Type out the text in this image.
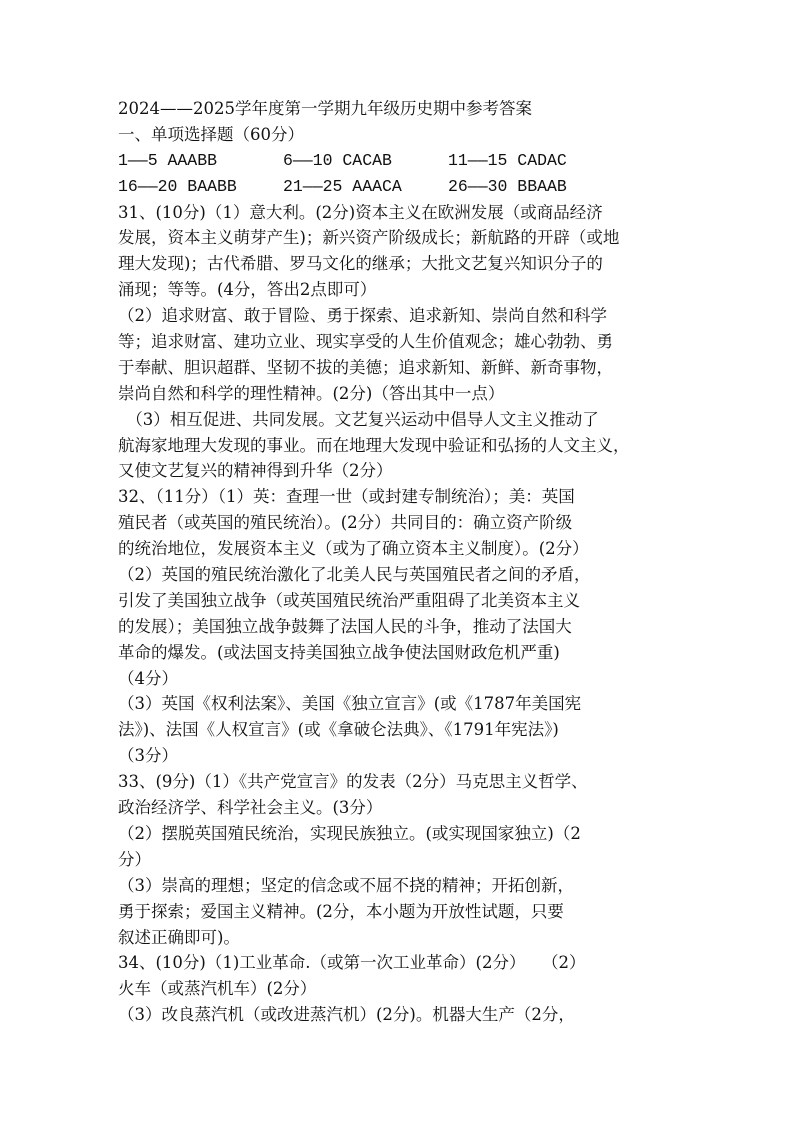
2024——2025学年度第一学期九年级历史期中参考答案
一、单项选择题（60分）
1——5 AAABB	6——10 CACAB	11——15 CADAC
16——20 BAABB	21——25 AAACA	26——30 BBAAB
31、(10分)（1）意大利。(2分)资本主义在欧洲发展（或商品经济
发展，资本主义萌芽产生)；新兴资产阶级成长；新航路的开辟（或地
理大发现)；古代希腊、罗马文化的继承；大批文艺复兴知识分子的
涌现；等等。(4分，答出2点即可）
（2）追求财富、敢于冒险、勇于探索、追求新知、崇尚自然和科学
等；追求财富、建功立业、现实享受的人生价值观念；雄心勃勃、勇
于奉献、胆识超群、坚韧不拔的美德；追求新知、新鲜、新奇事物，
崇尚自然和科学的理性精神。(2分)（答出其中一点）
　（3）相互促进、共同发展。文艺复兴运动中倡导人文主义推动了
航海家地理大发现的事业。而在地理大发现中验证和弘扬的人文主义，
又使文艺复兴的精神得到升华（2分）
32、（11分）（1）英：查理一世（或封建专制统治）；美：英国
殖民者（或英国的殖民统治）。(2分）共同目的：确立资产阶级
的统治地位，发展资本主义（或为了确立资本主义制度）。(2分）
（2）英国的殖民统治激化了北美人民与英国殖民者之间的矛盾，
引发了美国独立战争（或英国殖民统治严重阻碍了北美资本主义
的发展）；美国独立战争鼓舞了法国人民的斗争，推动了法国大
革命的爆发。(或法国支持美国独立战争使法国财政危机严重)
（4分）
（3）英国《权利法案》、美国《独立宣言》(或《1787年美国宪
法》)、法国《人权宣言》(或《拿破仑法典》、《1791年宪法》)
（3分）
33、(9分)（1）《共产党宣言》的发表（2分）马克思主义哲学、
政治经济学、科学社会主义。(3分）
（2）摆脱英国殖民统治，实现民族独立。(或实现国家独立)（2
分）
（3）崇高的理想；坚定的信念或不屈不挠的精神；开拓创新，
勇于探索；爱国主义精神。(2分，本小题为开放性试题，只要
叙述正确即可)。
34、(10分)（1)工业革命.（或第一次工业革命）(2分）　　（2）
火车（或蒸汽机车）(2分）
（3）改良蒸汽机（或改进蒸汽机）(2分)。机器大生产（2分，
